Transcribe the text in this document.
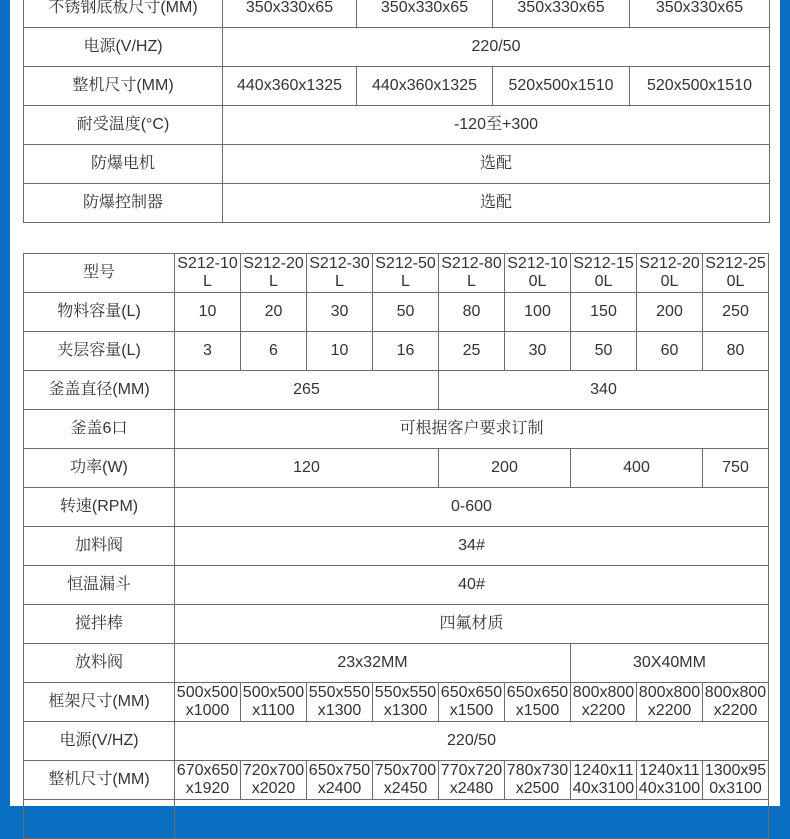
不锈钢底板尺寸(MM)	350x330x65	350x330x65	350x330x65	350x330x65
电源(V/HZ)	220/50			
整机尺寸(MM)	440x360x1325	440x360x1325	520x500x1510	520x500x1510
耐受温度(°C)	-120至+300			
防爆电机	选配			
防爆控制器	选配			
型号	S212-10L	S212-20L	S212-30L	S212-50L	S212-80L	S212-100L	S212-150L	S212-200L	S212-250L
物料容量(L)	10	20	30	50	80	100	150	200	250
夹层容量(L)	3	6	10	16	25	30	50	60	80
釜盖直径(MM)	265				340				
釜盖6口	可根据客户要求订制								
功率(W)	120				200		400		750
转速(RPM)	0-600								
加料阀	34#								
恒温漏斗	40#								
搅拌棒	四氟材质								
放料阀	23x32MM						30X40MM		
框架尺寸(MM)	500x500x1000	500x500x1100	550x550x1300	550x550x1300	650x650x1500	650x650x1500	800x800x2200	800x800x2200	800x800x2200
电源(V/HZ)	220/50								
整机尺寸(MM)	670x650x1920	720x700x2020	650x750x2400	750x700x2450	770x720x2480	780x730x2500	1240x1140x3100	1240x1140x3100	1300x950x3100
